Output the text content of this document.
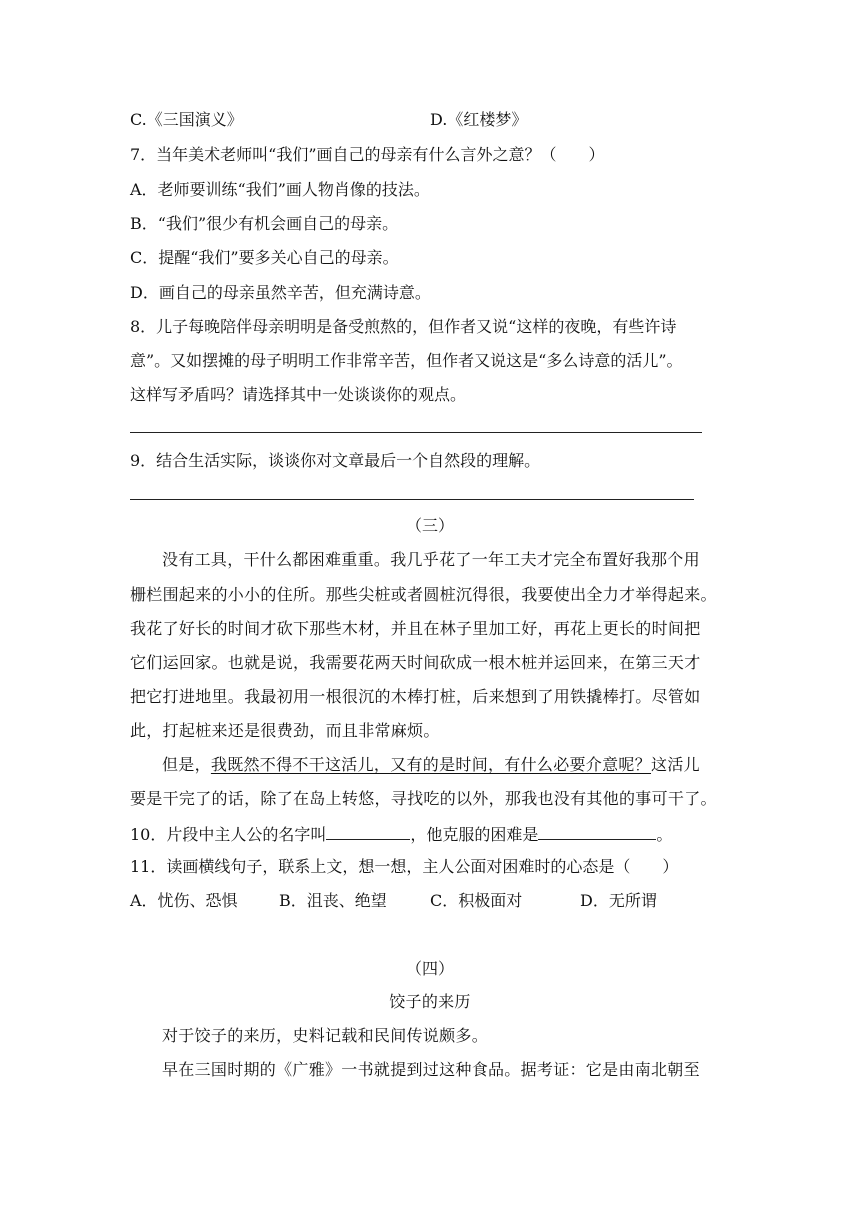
C.《三国演义》	D.《红楼梦》
7．当年美术老师叫“我们”画自己的母亲有什么言外之意？（　　）
A．老师要训练“我们”画人物肖像的技法。
B．“我们”很少有机会画自己的母亲。
C．提醒“我们”要多关心自己的母亲。
D．画自己的母亲虽然辛苦，但充满诗意。
8．儿子每晚陪伴母亲明明是备受煎熬的，但作者又说“这样的夜晚，有些许诗
意”。又如摆摊的母子明明工作非常辛苦，但作者又说这是“多么诗意的活儿”。
这样写矛盾吗？请选择其中一处谈谈你的观点。
9．结合生活实际，谈谈你对文章最后一个自然段的理解。
（三）
没有工具，干什么都困难重重。我几乎花了一年工夫才完全布置好我那个用
栅栏围起来的小小的住所。那些尖桩或者圆桩沉得很，我要使出全力才举得起来。
我花了好长的时间才砍下那些木材，并且在林子里加工好，再花上更长的时间把
它们运回家。也就是说，我需要花两天时间砍成一根木桩并运回来，在第三天才
把它打进地里。我最初用一根很沉的木棒打桩，后来想到了用铁撬棒打。尽管如
此，打起桩来还是很费劲，而且非常麻烦。
但是，我既然不得不干这活儿，又有的是时间，有什么必要介意呢？这活儿
要是干完了的话，除了在岛上转悠，寻找吃的以外，那我也没有其他的事可干了。
10．片段中主人公的名字叫	，他克服的困难是	。
11．读画横线句子，联系上文，想一想，主人公面对困难时的心态是（　　）
A．忧伤、恐惧	B．沮丧、绝望	C．积极面对	D．无所谓
（四）
饺子的来历
对于饺子的来历，史料记载和民间传说颇多。
早在三国时期的《广雅》一书就提到过这种食品。据考证：它是由南北朝至
